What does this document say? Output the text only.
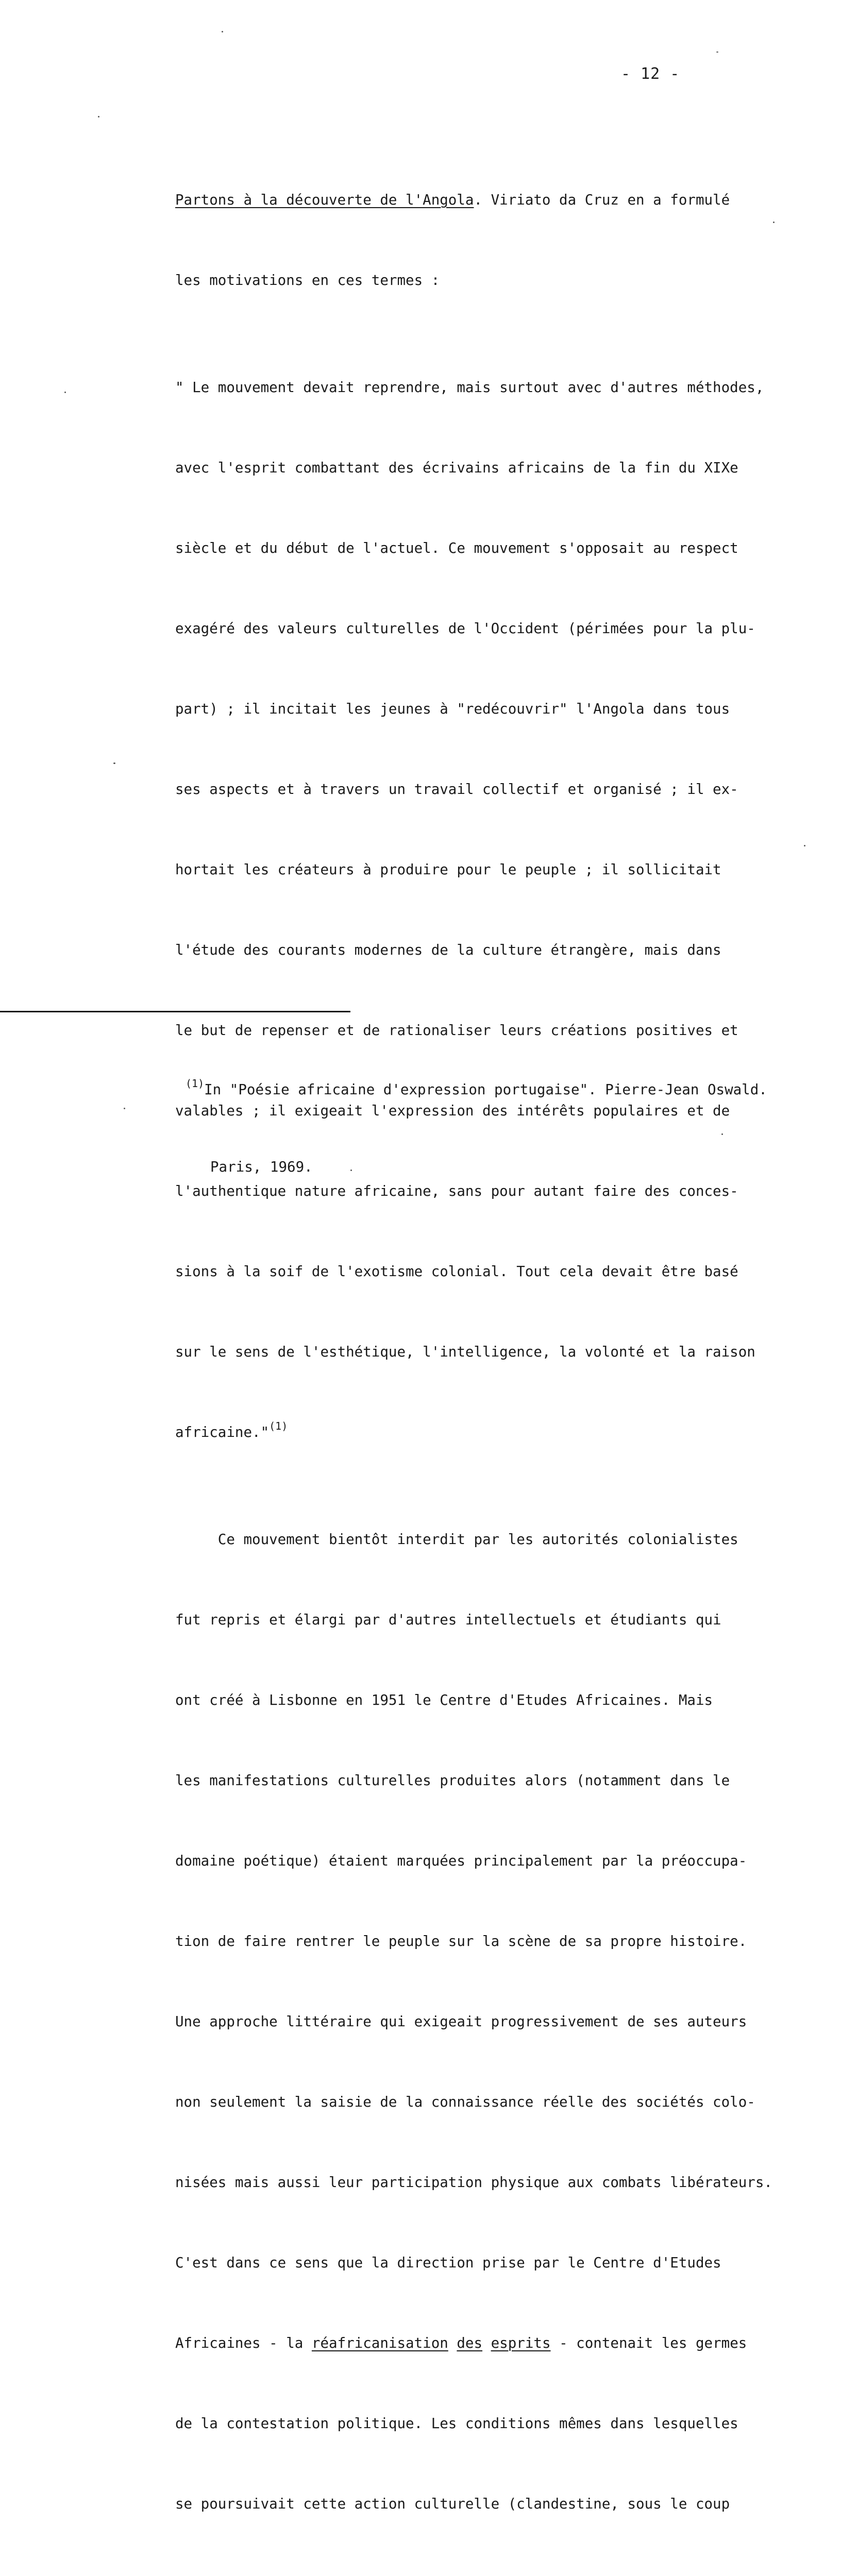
- 12 -

Partons à la découverte de l'Angola. Viriato da Cruz en a formulé

les motivations en ces termes :

" Le mouvement devait reprendre, mais surtout avec d'autres méthodes,

avec l'esprit combattant des écrivains africains de la fin du XIXe

siècle et du début de l'actuel. Ce mouvement s'opposait au respect

exagéré des valeurs culturelles de l'Occident (périmées pour la plu-

part) ; il incitait les jeunes à "redécouvrir" l'Angola dans tous

ses aspects et à travers un travail collectif et organisé ; il ex-

hortait les créateurs à produire pour le peuple ; il sollicitait

l'étude des courants modernes de la culture étrangère, mais dans

le but de repenser et de rationaliser leurs créations positives et

valables ; il exigeait l'expression des intérêts populaires et de

l'authentique nature africaine, sans pour autant faire des conces-

sions à la soif de l'exotisme colonial. Tout cela devait être basé

sur le sens de l'esthétique, l'intelligence, la volonté et la raison

africaine."$^{(1)}$

Ce mouvement bientôt interdit par les autorités colonialistes

fut repris et élargi par d'autres intellectuels et étudiants qui

ont créé à Lisbonne en 1951 le Centre d'Etudes Africaines. Mais

les manifestations culturelles produites alors (notamment dans le

domaine poétique) étaient marquées principalement par la préoccupa-

tion de faire rentrer le peuple sur la scène de sa propre histoire.

Une approche littéraire qui exigeait progressivement de ses auteurs

non seulement la saisie de la connaissance réelle des sociétés colo-

nisées mais aussi leur participation physique aux combats libérateurs.

C'est dans ce sens que la direction prise par le Centre d'Etudes

Africaines - la réafricanisation des esprits - contenait les germes

de la contestation politique. Les conditions mêmes dans lesquelles

se poursuivait cette action culturelle (clandestine, sous le coup

$^{(1)}$In "Poésie africaine d'expression portugaise". Pierre-Jean Oswald.

Paris, 1969.
